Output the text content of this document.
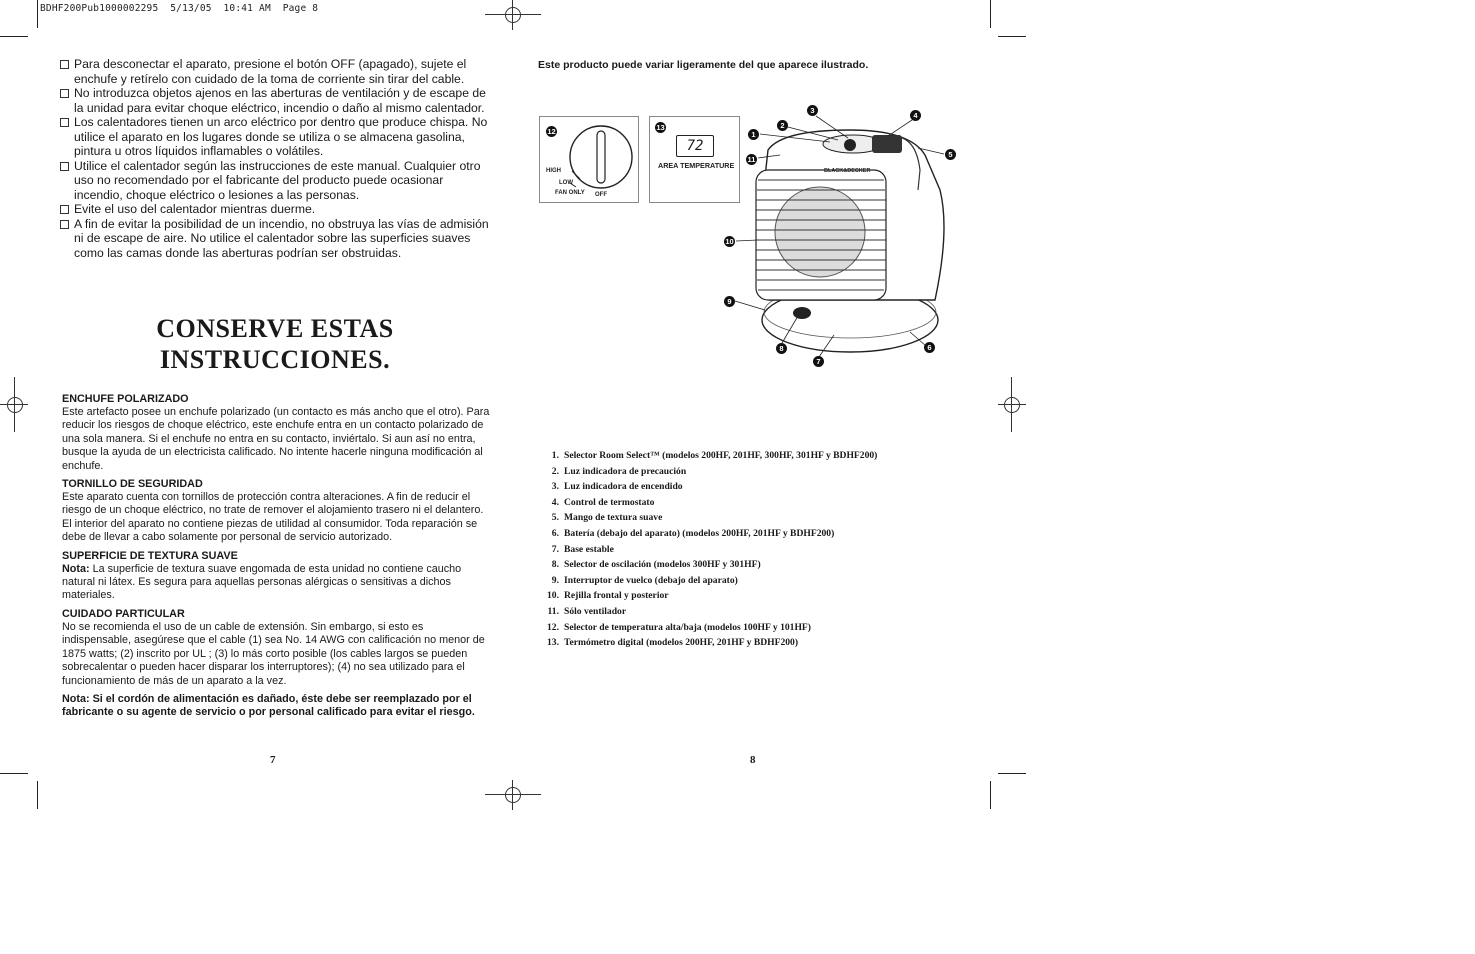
BDHF200Pub1000002295  5/13/05  10:41 AM  Page 8

Para desconectar el aparato, presione el botón OFF (apagado), sujete el enchufe y retírelo con cuidado de la toma de corriente sin tirar del cable.

No introduzca objetos ajenos en las aberturas de ventilación y de escape de la unidad para evitar choque eléctrico, incendio o daño al mismo calentador.

Los calentadores tienen un arco eléctrico por dentro que produce chispa. No utilice el aparato en los lugares donde se utiliza o se almacena gasolina, pintura u otros líquidos inflamables o volátiles.

Utilice el calentador según las instrucciones de este manual. Cualquier otro uso no recomendado por el fabricante del producto puede ocasionar incendio, choque eléctrico o lesiones a las personas.

Evite el uso del calentador mientras duerme.

A fin de evitar la posibilidad de un incendio, no obstruya las vías de admisión ni de escape de aire. No utilice el calentador sobre las superficies suaves como las camas donde las aberturas podrían ser obstruidas.

CONSERVE ESTAS
INSTRUCCIONES.

ENCHUFE POLARIZADO

Este artefacto posee un enchufe polarizado (un contacto es más ancho que el otro). Para reducir los riesgos de choque eléctrico, este enchufe entra en un contacto polarizado de una sola manera. Si el enchufe no entra en su contacto, inviértalo. Si aun así no entra, busque la ayuda de un electricista calificado. No intente hacerle ninguna modificación al enchufe.

TORNILLO DE SEGURIDAD

Este aparato cuenta con tornillos de protección contra alteraciones. A fin de reducir el riesgo de un choque eléctrico, no trate de remover el alojamiento trasero ni el delantero. El interior del aparato no contiene piezas de utilidad al consumidor. Toda reparación se debe de llevar a cabo solamente por personal de servicio autorizado.

SUPERFICIE DE TEXTURA SUAVE

Nota: La superficie de textura suave engomada de esta unidad no contiene caucho natural ni látex. Es segura para aquellas personas alérgicas o sensitivas a dichos materiales.

CUIDADO PARTICULAR

No se recomienda el uso de un cable de extensión. Sin embargo, si esto es indispensable, asegúrese que el cable (1) sea No. 14 AWG con calificación no menor de 1875 watts; (2) inscrito por UL ; (3) lo más corto posible (los cables largos se pueden sobrecalentar o pueden hacer disparar los interruptores); (4) no sea utilizado para el funcionamiento de más de un aparato a la vez.

Nota: Si el cordón de alimentación es dañado, éste debe ser reemplazado por el fabricante o su agente de servicio o por personal calificado para evitar el riesgo.

7
Este producto puede variar ligeramente del que aparece ilustrado.
12
HIGH
LOW
FAN ONLY OFF
13
72
AREA TEMPERATURE
1
2
3
4
5
6
7
8
9
10
11
BLACK&DECKER
1. Selector Room Select™ (modelos 200HF, 201HF, 300HF, 301HF y BDHF200)
2. Luz indicadora de precaución
3. Luz indicadora de encendido
4. Control de termostato
5. Mango de textura suave
6. Batería (debajo del aparato) (modelos 200HF, 201HF y BDHF200)
7. Base estable
8. Selector de oscilación (modelos 300HF y 301HF)
9. Interruptor de vuelco (debajo del aparato)
10. Rejilla frontal y posterior
11. Sólo ventilador
12. Selector de temperatura alta/baja (modelos 100HF y 101HF)
13. Termómetro digital (modelos 200HF, 201HF y BDHF200)
8
